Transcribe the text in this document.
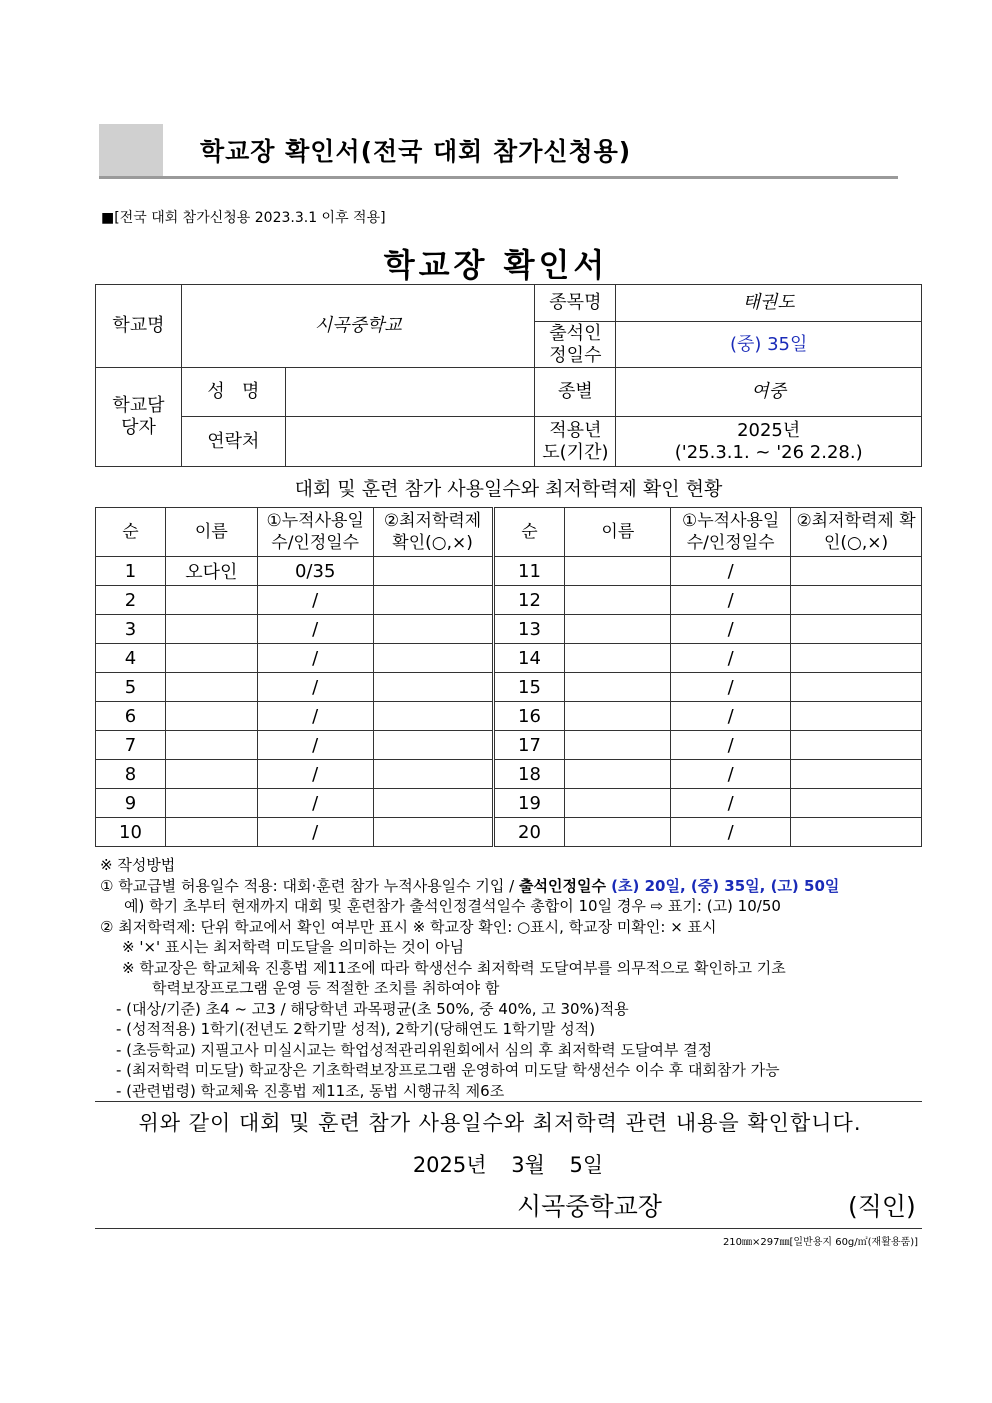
학교장 확인서(전국 대회 참가신청용)
■[전국 대회 참가신청용 2023.3.1 이후 적용]
학교장 확인서
학교명	시곡중학교		종목명	태권도
			출석인정일수	(중) 35일
학교담당자	성   명		종별	여중
	연락처		적용년도(기간)	2025년
('25.3.1. ~ '26 2.28.)
대회 및 훈련 참가 사용일수와 최저학력제 확인 현황
순	이름	①누적사용일수/인정일수	②최저학력제 확인(○,×)	순	이름	①누적사용일수/인정일수	②최저학력제 확인(○,×)
1	오다인	0/35		11		/	
2		/		12		/	
3		/		13		/	
4		/		14		/	
5		/		15		/	
6		/		16		/	
7		/		17		/	
8		/		18		/	
9		/		19		/	
10		/		20		/	
※ 작성방법
① 학교급별 허용일수 적용: 대회·훈련 참가 누적사용일수 기입 / 출석인정일수 (초) 20일, (중) 35일, (고) 50일
예) 학기 초부터 현재까지 대회 및 훈련참가 출석인정결석일수 총합이 10일 경우 ⇨ 표기: (고) 10/50
② 최저학력제: 단위 학교에서 확인 여부만 표시 ※ 학교장 확인: ○표시, 학교장 미확인: × 표시
※ '×' 표시는 최저학력 미도달을 의미하는 것이 아님
※ 학교장은 학교체육 진흥법 제11조에 따라 학생선수 최저학력 도달여부를 의무적으로 확인하고 기초
학력보장프로그램 운영 등 적절한 조치를 취하여야 함
- (대상/기준) 초4 ~ 고3 / 해당학년 과목평균(초 50%, 중 40%, 고 30%)적용
- (성적적용) 1학기(전년도 2학기말 성적), 2학기(당해연도 1학기말 성적)
- (초등학교) 지필고사 미실시교는 학업성적관리위원회에서 심의 후 최저학력 도달여부 결정
- (최저학력 미도달) 학교장은 기초학력보장프로그램 운영하여 미도달 학생선수 이수 후 대회참가 가능
- (관련법령) 학교체육 진흥법 제11조, 동법 시행규칙 제6조
위와 같이 대회 및 훈련 참가 사용일수와 최저학력 관련 내용을 확인합니다.
2025년 3월 5일
시곡중학교장	(직인)
210㎜×297㎜[일반용지 60g/㎡(재활용품)]
